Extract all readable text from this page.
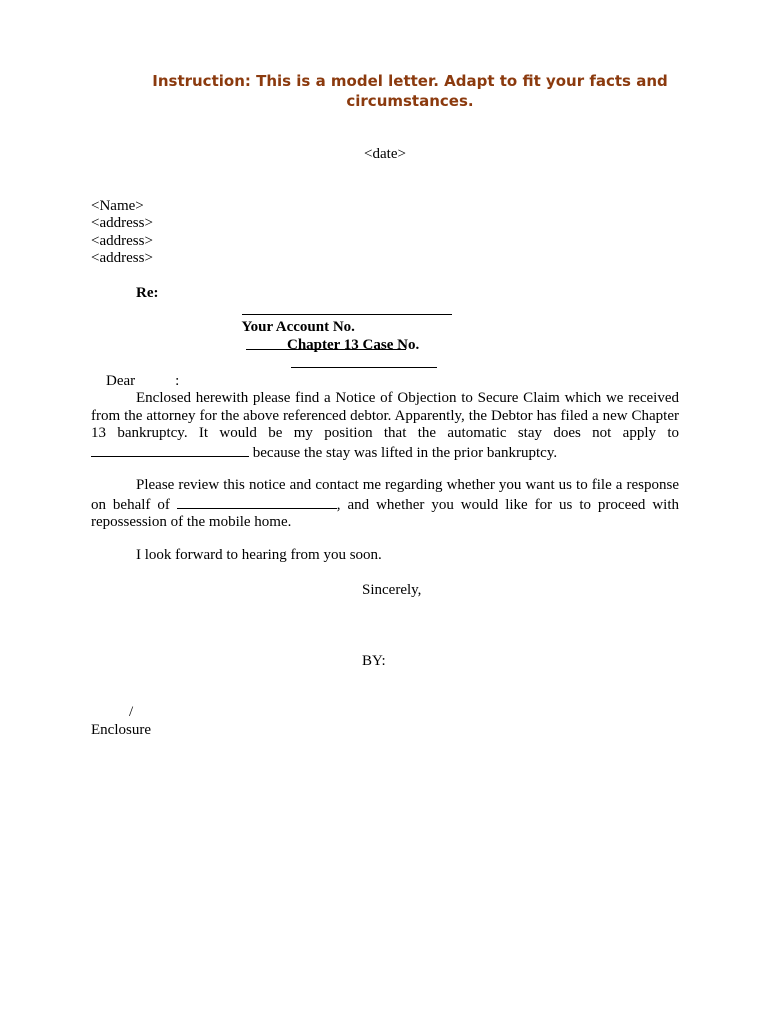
Instruction: This is a model letter. Adapt to fit your facts and
circumstances.
<date>
<Name>
<address>
<address>
<address>
Re:

Your Account No.

Chapter 13 Case No.

Dear	:

Enclosed herewith please find a Notice of Objection to Secure Claim which we received from the attorney for the above referenced debtor. Apparently, the Debtor has filed a new Chapter 13 bankruptcy. It would be my position that the automatic stay does not apply to  because the stay was lifted in the prior bankruptcy.
Please review this notice and contact me regarding whether you want us to file a response on behalf of	, and whether you would like for us to proceed with repossession of the mobile home.
I look forward to hearing from you soon.
Sincerely,
BY:
/
Enclosure
